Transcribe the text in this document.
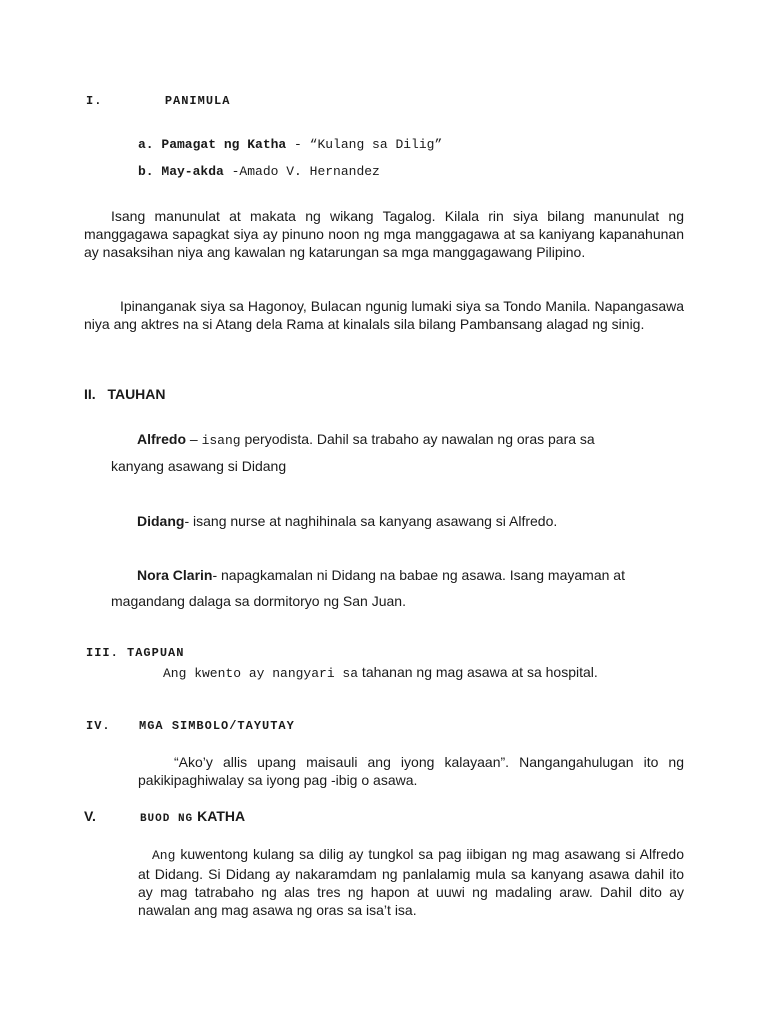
I.	PANIMULA
a. Pamagat ng Katha - “Kulang sa Dilig”
b. May-akda -Amado V. Hernandez

Isang manunulat at makata ng wikang Tagalog. Kilala rin siya bilang manunulat ng manggagawa sapagkat siya ay pinuno noon ng mga manggagawa at sa kaniyang kapanahunan ay nasaksihan niya ang kawalan ng katarungan sa mga manggagawang Pilipino.

Ipinanganak siya sa Hagonoy, Bulacan ngunig lumaki siya sa Tondo Manila. Napangasawa niya ang aktres na si Atang dela Rama at kinalals sila bilang Pambansang alagad ng sinig.

II. TAUHAN
Alfredo – isang peryodista. Dahil sa trabaho ay nawalan ng oras para sa
kanyang asawang si Didang
Didang- isang nurse at naghihinala sa kanyang asawang si Alfredo.
Nora Clarin- napagkamalan ni Didang na babae ng asawa. Isang mayaman at
magandang dalaga sa dormitoryo ng San Juan.
III. TAGPUAN
Ang kwento ay nangyari sa tahanan ng mag asawa at sa hospital.
IV. MGA SIMBOLO/TAYUTAY

“Ako’y allis upang maisauli ang iyong kalayaan”. Nangangahulugan ito ng pakikipaghiwalay sa iyong pag -ibig o asawa.

V.	BUOD NG KATHA

Ang kuwentong kulang sa dilig ay tungkol sa pag iibigan ng mag asawang si Alfredo at Didang. Si Didang ay nakaramdam ng panlalamig mula sa kanyang asawa dahil ito ay mag tatrabaho ng alas tres ng hapon at uuwi ng madaling araw. Dahil dito ay nawalan ang mag asawa ng oras sa isa’t isa.
